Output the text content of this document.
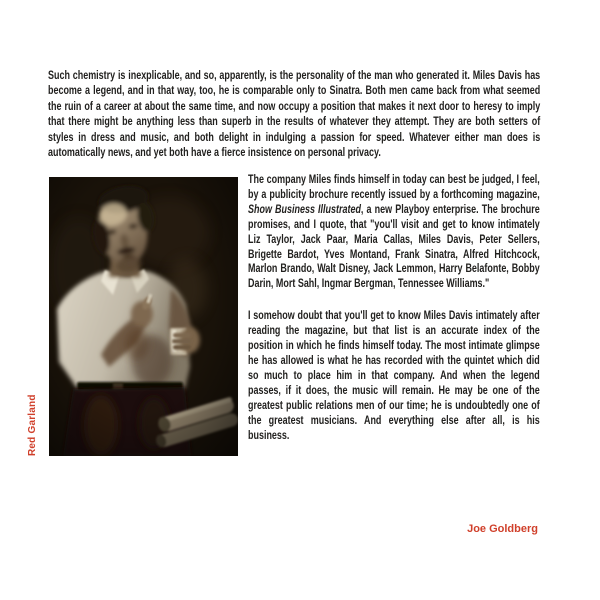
Such chemistry is inexplicable, and so, apparently, is the personality of the man who generated it. Miles Davis has become a legend, and in that way, too, he is comparable only to Sinatra. Both men came back from what seemed the ruin of a career at about the same time, and now occupy a position that makes it next door to heresy to imply that there might be anything less than superb in the results of whatever they attempt. They are both setters of styles in dress and music, and both delight in indulging a passion for speed. Whatever either man does is automatically news, and yet both have a fierce insistence on personal privacy.

Red Garland

The company Miles finds himself in today can best be judged, I feel, by a publicity brochure recently issued by a forthcoming magazine, Show Business Illustrated, a new Playboy enterprise. The brochure promises, and I quote, that "you'll visit and get to know intimately Liz Taylor, Jack Paar, Maria Callas, Miles Davis, Peter Sellers, Brigette Bardot, Yves Montand, Frank Sinatra, Alfred Hitchcock, Marlon Brando, Walt Disney, Jack Lemmon, Harry Belafonte, Bobby Darin, Mort Sahl, Ingmar Bergman, Tennessee Williams."

I somehow doubt that you'll get to know Miles Davis intimately after reading the magazine, but that list is an accurate index of the position in which he finds himself today. The most intimate glimpse he has allowed is what he has recorded with the quintet which did so much to place him in that company. And when the legend passes, if it does, the music will remain. He may be one of the greatest public relations men of our time; he is undoubtedly one of the greatest musicians. And everything else after all, is his business.

Joe Goldberg
